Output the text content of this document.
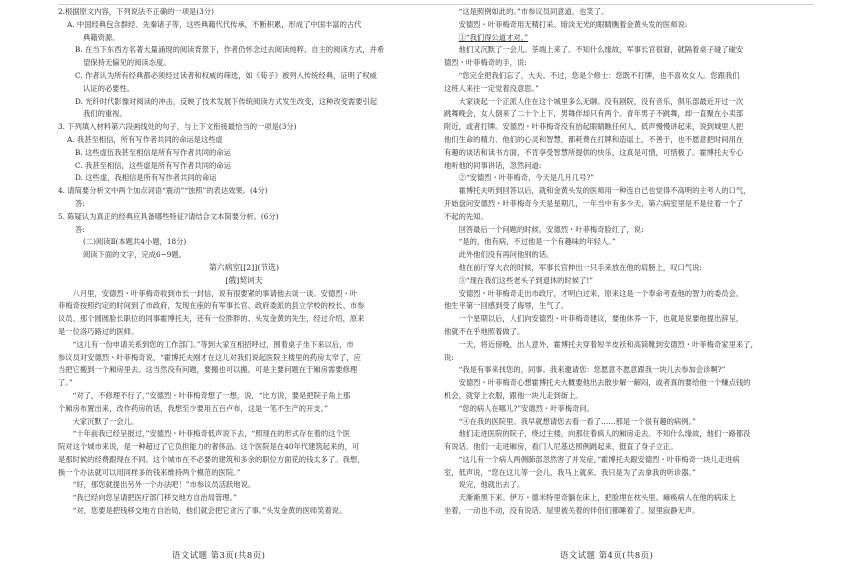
2.根据原文内容，下列说法不正确的一项是(3分)
A. 中国经典包含群经、先秦诸子等，这些典籍代代传承，不断积累，形成了中国丰富的古代
典籍资源。
B. 在当下东西方名著大量涌现的阅读背景下，作者仍怀念过去阅读纯粹、自主的阅读方式，并希
望保持无偏见的阅读态度。
C. 作者认为所有经典都必须经过读者和权威的筛选，如《荀子》被列入传统经典，证明了权威
认证的必要性。
D. 光纤时代影像对阅读的冲击，反映了技术发展下传统阅读方式发生改变，这种改变需要引起
我们的重视。
3. 下列填入材料第六段画线处的句子，与上下文衔接最恰当的一项是(3分)
A. 我甚至相信，所有写作者共同的命运是这些虚
B. 这些虚伍我甚至相信是所有写作者共同的命运
C. 我甚至相信，这些虚是所有写作者共同的命运
D. 这些虚，我相信是所有写作者共同的命运
4. 请简要分析文中两个加点词语“震动”“蚀照”的表达效果。(4分)
答:
5. 陈疑认为真正的经典应具备哪些特征?请结合文本简要分析。(6分)
答:
(二)阅读Ⅱ(本题共4小题，18分)
阅读下面的文字，完成6~9题。
第六病室[[2]](节选)
[俄]契诃夫
八月里，安德烈・叶菲梅奇收到市长一封信，说有很要紧的事请他去谈一谈。安德烈・叶
菲梅奇按照约定的时间到了市政府，发现在座的有军事长官、政府委派的县立学校的校长、市参
议员、那个圆圆脸长职位的同事霍博托夫，还有一位胖胖的、头发金黄的先生，经过介绍，原来
是一位洛巧路过的医师。
“这儿有一份申请关系到您的工作部门。”等到大家互相招呼过，围着桌子坐下来以后，市
参议员对安德烈・叶菲梅奇说，“霍博托夫刚才在这儿对我们说起医院主楼里的药房太窄了，应
当把它搬到一个厢房里去。这当然没有问题，要搬也可以搬，可是主要问题在于厢房需要修理
了。”
“对了，不修理不行了，”安德烈・叶菲梅奇想了一想，说，“比方说，要是把院子角上那
个厢房布置出来，改作药房的话，我想至少要用五百卢布，这是一笔不生产的开支。”
大家沉默了一会儿。
“十年前我已经呈报过，”安德烈・叶菲梅奇低声说下去，“照现在的形式存在着的这个医
院对这个城市来说，是一种超过了它负担能力的奢侈品。这个医院是在40年代建筑起来的，可
是那时候的经费跟现在不同。这个城市在不必要的建筑和多余的职位方面花的钱太多了。我想，
换一个办法就可以用同样多的钱来维持两个模范的医院。”
“好，那您就提出另外一个办法吧！”市参议员活跃地说。
“我已经向您呈请把医疗部门移交地方自治局管理。”
“对，您要是把钱移交地方自治局，他们就会把它贪污了事。”头发金黄的医师笑着说。
“这是照例如此的。”市参议员同意道，也笑了。
安德烈・叶菲梅奇用无精打采、暗淡无光的眼睛瞧着金黄头发的医师说:
①“我们得公道才对。”
他们又沉默了一会儿。茶端上来了。不知什么缘故，军事长官很窘，就隔着桌子碰了碰安
德烈・叶菲梅奇的手，说:
“您完全把我们忘了，大夫。不过，您是个修士：您既不打牌，也不喜欢女人。您跟我们
这班人来往一定觉着没意思。”
大家谈起一个正派人住在这个城里多么无聊。没有剧院，没有音乐，俱乐部最近开过一次
跳舞晚会，女人倒来了二十个上下，男舞伴却只有两个。青年男子不跳舞，却一直聚在小卖部
附近，或者打牌。安德烈・叶菲梅奇没有抬起眼睛瞧任何人，低声慢慢讲起来，说到城里人把
他们生命的精力、他们的心灵和智慧，都耗费在打牌和造谣上，不善于，也不愿意把时间用在
有趣的谈话和读书方面，不肯享受智慧所提供的快乐，这真是可惜，可惜极了。霍博托夫专心
地听他的同事讲话，忽然问道:
②“安德烈・叶菲梅奇，今天是几月几号?”
霍博托夫听到回答以后，就和金黄头发的医师用一种连自己也觉得不高明的主考人的口气，
开始盘问安德烈・叶菲梅奇今天是星期几，一年当中有多少天，第六病室里是不是住着一个了
不起的先知。
回答最后一个问题的时候，安德烈・叶菲梅奇脸红了，说:
“是的，他有病，不过他是一个有趣味的年轻人。”
此外他们没有再问他别的话。
他在前厅穿大衣的时候，军事长官伸出一只手来放在他的肩膀上，叹口气说:
③“现在我们这些老头子到退休的时候了!”
安德烈・叶菲梅奇走出市政厅，才明白过来，原来这是一个奉命考查他的智力的委员会。
他生平第一回感到受了侮辱，生气了。
一个星期以后，人们向安德烈・叶菲梅奇建议，要他休养一下，也就是说要他提出辞呈，
他就不在乎地照着做了。
一天，将近傍晚，出人意外，霍博托夫穿着短羊皮袄和高筒靴到安德烈・叶菲梅奇家里来了，
说:
“我是有事来找您的，同事。我来邀请您：您愿意不愿意跟我一块儿去参加会诊啊?”
安德烈・叶菲梅奇心想霍博托夫大概要他出去散步解一解闷，或者真的要给他一个赚点钱的
机会，就穿上衣服，跟他一块儿走到街上。
“您的病人在哪儿?”安德烈・叶菲梅奇问。
“④在我的医院里。我早就想请您去看一看了……那是一个很有趣的病例。”
他们走进医院的院子，绕过主楼，向那住着疯人的厢房走去。不知什么缘故，他们一路都没
有说话。他们一走进厢房，看门人尼基达照例跳起来，挺直了身子立正。
“这儿有一个病人两侧肺部忽然害了并发症，”霍博托夫跟安德烈・叶菲梅奇一块儿走进病
室，低声说，“您在这儿等一会儿，我马上就来。我只是为了去拿我的听诊器。”
说完，他就出去了。
天渐渐黑下来。伊万・德米特里奇躺在床上，把脸埋在枕头里。瘫痪病人在他的病床上
坐着，一动也不动，没有说话。屋里被关着的伴侣们都睡着了。屋里寂静无声。
语文试题 第3页(共8页)	语文试题 第4页(共8页)
